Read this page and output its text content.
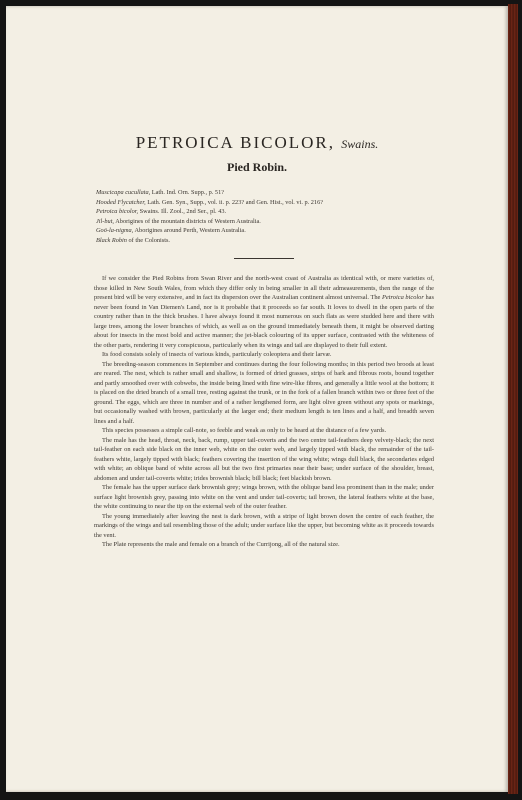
PETROICA BICOLOR, Swains.
Pied Robin.
Muscicapa cucullata, Lath. Ind. Orn. Supp., p. 51?
Hooded Flycatcher, Lath. Gen. Syn., Supp., vol. ii. p. 223? and Gen. Hist., vol. vi. p. 216?
Petroica bicolor, Swains. Ill. Zool., 2nd Ser., pl. 43.
Jil-but, Aborigines of the mountain districts of Western Australia.
Goö-la-nigma, Aborigines around Perth, Western Australia.
Black Robin of the Colonists.

If we consider the Pied Robins from Swan River and the north-west coast of Australia as identical with, or mere varieties of, those killed in New South Wales, from which they differ only in being smaller in all their admeasurements, then the range of the present bird will be very extensive, and in fact its dispersion over the Australian continent almost universal. The Petroica bicolor has never been found in Van Diemen's Land, nor is it probable that it proceeds so far south. It loves to dwell in the open parts of the country rather than in the thick brushes. I have always found it most numerous on such flats as were studded here and there with large trees, among the lower branches of which, as well as on the ground immediately beneath them, it might be observed darting about for insects in the most bold and active manner; the jet-black colouring of its upper surface, contrasted with the whiteness of the other parts, rendering it very conspicuous, particularly when its wings and tail are displayed to their full extent.

Its food consists solely of insects of various kinds, particularly coleoptera and their larvæ.

The breeding-season commences in September and continues during the four following months; in this period two broods at least are reared. The nest, which is rather small and shallow, is formed of dried grasses, strips of bark and fibrous roots, bound together and partly smoothed over with cobwebs, the inside being lined with fine wire-like fibres, and generally a little wool at the bottom; it is placed on the dried branch of a small tree, resting against the trunk, or in the fork of a fallen branch within two or three feet of the ground. The eggs, which are three in number and of a rather lengthened form, are light olive green without any spots or markings, but occasionally washed with brown, particularly at the larger end; their medium length is ten lines and a half, and breadth seven lines and a half.

This species possesses a simple call-note, so feeble and weak as only to be heard at the distance of a few yards.

The male has the head, throat, neck, back, rump, upper tail-coverts and the two centre tail-feathers deep velvety-black; the next tail-feather on each side black on the inner web, white on the outer web, and largely tipped with black, the remainder of the tail-feathers white, largely tipped with black; feathers covering the insertion of the wing white; wings dull black, the secondaries edged with white; an oblique band of white across all but the two first primaries near their base; under surface of the shoulder, breast, abdomen and under tail-coverts white; irides brownish black; bill black; feet blackish brown.

The female has the upper surface dark brownish grey; wings brown, with the oblique band less prominent than in the male; under surface light brownish grey, passing into white on the vent and under tail-coverts; tail brown, the lateral feathers white at the base, the white continuing to near the tip on the external web of the outer feather.

The young immediately after leaving the nest is dark brown, with a stripe of light brown down the centre of each feather, the markings of the wings and tail resembling those of the adult; under surface like the upper, but becoming white as it proceeds towards the vent.

The Plate represents the male and female on a branch of the Currijong, all of the natural size.
